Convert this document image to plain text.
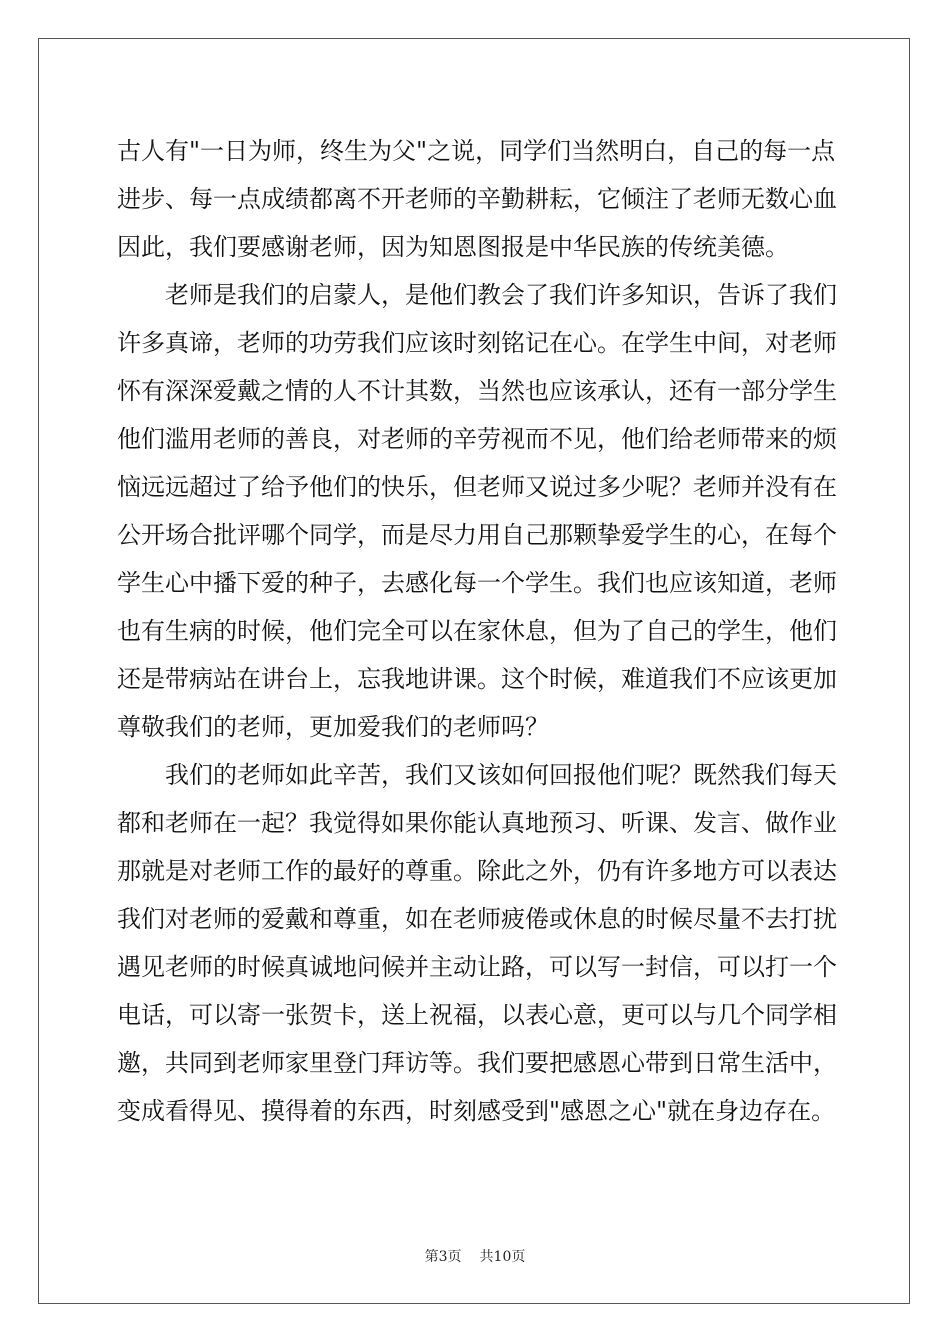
古人有"一日为师，终生为父"之说，同学们当然明白，自己的每一点
进步、每一点成绩都离不开老师的辛勤耕耘，它倾注了老师无数心血
因此，我们要感谢老师，因为知恩图报是中华民族的传统美德。
老师是我们的启蒙人，是他们教会了我们许多知识，告诉了我们
许多真谛，老师的功劳我们应该时刻铭记在心。在学生中间，对老师
怀有深深爱戴之情的人不计其数，当然也应该承认，还有一部分学生
他们滥用老师的善良，对老师的辛劳视而不见，他们给老师带来的烦
恼远远超过了给予他们的快乐，但老师又说过多少呢？老师并没有在
公开场合批评哪个同学，而是尽力用自己那颗挚爱学生的心，在每个
学生心中播下爱的种子，去感化每一个学生。我们也应该知道，老师
也有生病的时候，他们完全可以在家休息，但为了自己的学生，他们
还是带病站在讲台上，忘我地讲课。这个时候，难道我们不应该更加
尊敬我们的老师，更加爱我们的老师吗？
我们的老师如此辛苦，我们又该如何回报他们呢？既然我们每天
都和老师在一起？我觉得如果你能认真地预习、听课、发言、做作业
那就是对老师工作的最好的尊重。除此之外，仍有许多地方可以表达
我们对老师的爱戴和尊重，如在老师疲倦或休息的时候尽量不去打扰
遇见老师的时候真诚地问候并主动让路，可以写一封信，可以打一个
电话，可以寄一张贺卡，送上祝福，以表心意，更可以与几个同学相
邀，共同到老师家里登门拜访等。我们要把感恩心带到日常生活中，
变成看得见、摸得着的东西，时刻感受到"感恩之心"就在身边存在。
第3页 共10页
